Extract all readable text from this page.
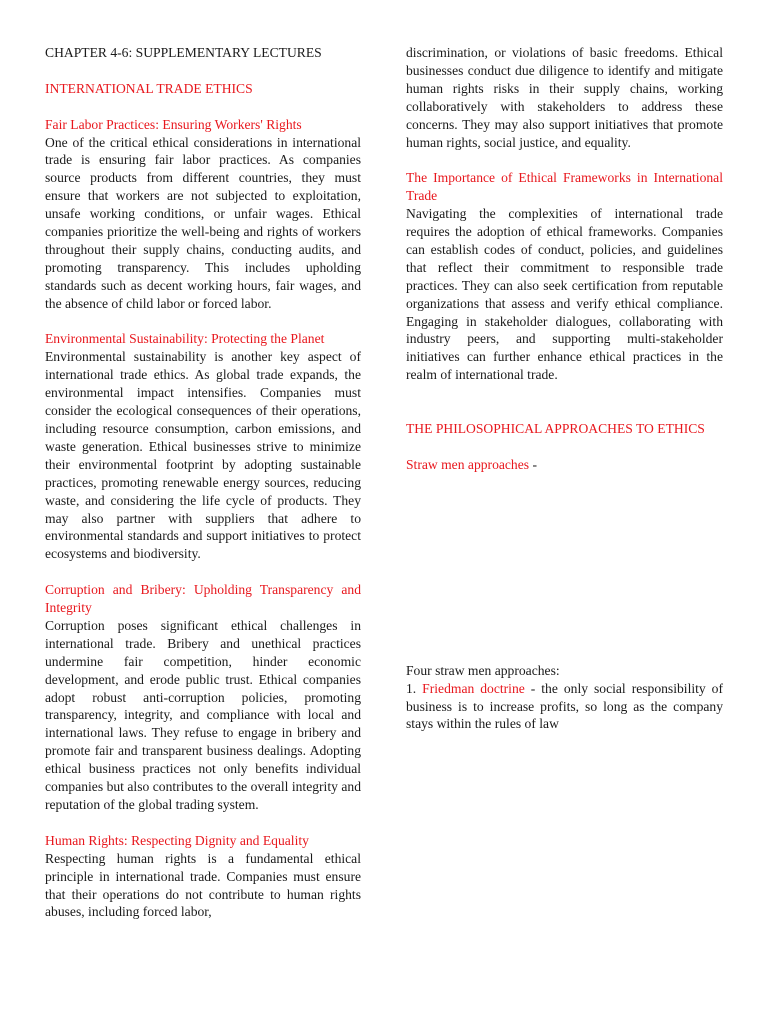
CHAPTER 4-6: SUPPLEMENTARY LECTURES

INTERNATIONAL TRADE ETHICS

Fair Labor Practices: Ensuring Workers' Rights

One of the critical ethical considerations in international trade is ensuring fair labor practices. As companies source products from different countries, they must ensure that workers are not subjected to exploitation, unsafe working conditions, or unfair wages. Ethical companies prioritize the well-being and rights of workers throughout their supply chains, conducting audits, and promoting transparency. This includes upholding standards such as decent working hours, fair wages, and the absence of child labor or forced labor.

Environmental Sustainability: Protecting the Planet

Environmental sustainability is another key aspect of international trade ethics. As global trade expands, the environmental impact intensifies. Companies must consider the ecological consequences of their operations, including resource consumption, carbon emissions, and waste generation. Ethical businesses strive to minimize their environmental footprint by adopting sustainable practices, promoting renewable energy sources, reducing waste, and considering the life cycle of products. They may also partner with suppliers that adhere to environmental standards and support initiatives to protect ecosystems and biodiversity.

Corruption and Bribery: Upholding Transparency and Integrity

Corruption poses significant ethical challenges in international trade. Bribery and unethical practices undermine fair competition, hinder economic development, and erode public trust. Ethical companies adopt robust anti-corruption policies, promoting transparency, integrity, and compliance with local and international laws. They refuse to engage in bribery and promote fair and transparent business dealings. Adopting ethical business practices not only benefits individual companies but also contributes to the overall integrity and reputation of the global trading system.

Human Rights: Respecting Dignity and Equality

Respecting human rights is a fundamental ethical principle in international trade. Companies must ensure that their operations do not contribute to human rights abuses, including forced labor,

discrimination, or violations of basic freedoms. Ethical businesses conduct due diligence to identify and mitigate human rights risks in their supply chains, working collaboratively with stakeholders to address these concerns. They may also support initiatives that promote human rights, social justice, and equality.

The Importance of Ethical Frameworks in International Trade

Navigating the complexities of international trade requires the adoption of ethical frameworks. Companies can establish codes of conduct, policies, and guidelines that reflect their commitment to responsible trade practices. They can also seek certification from reputable organizations that assess and verify ethical compliance. Engaging in stakeholder dialogues, collaborating with industry peers, and supporting multi-stakeholder initiatives can further enhance ethical practices in the realm of international trade.

THE PHILOSOPHICAL APPROACHES TO ETHICS

Straw men approaches -

Four straw men approaches:

1. Friedman doctrine - the only social responsibility of business is to increase profits, so long as the company stays within the rules of law
